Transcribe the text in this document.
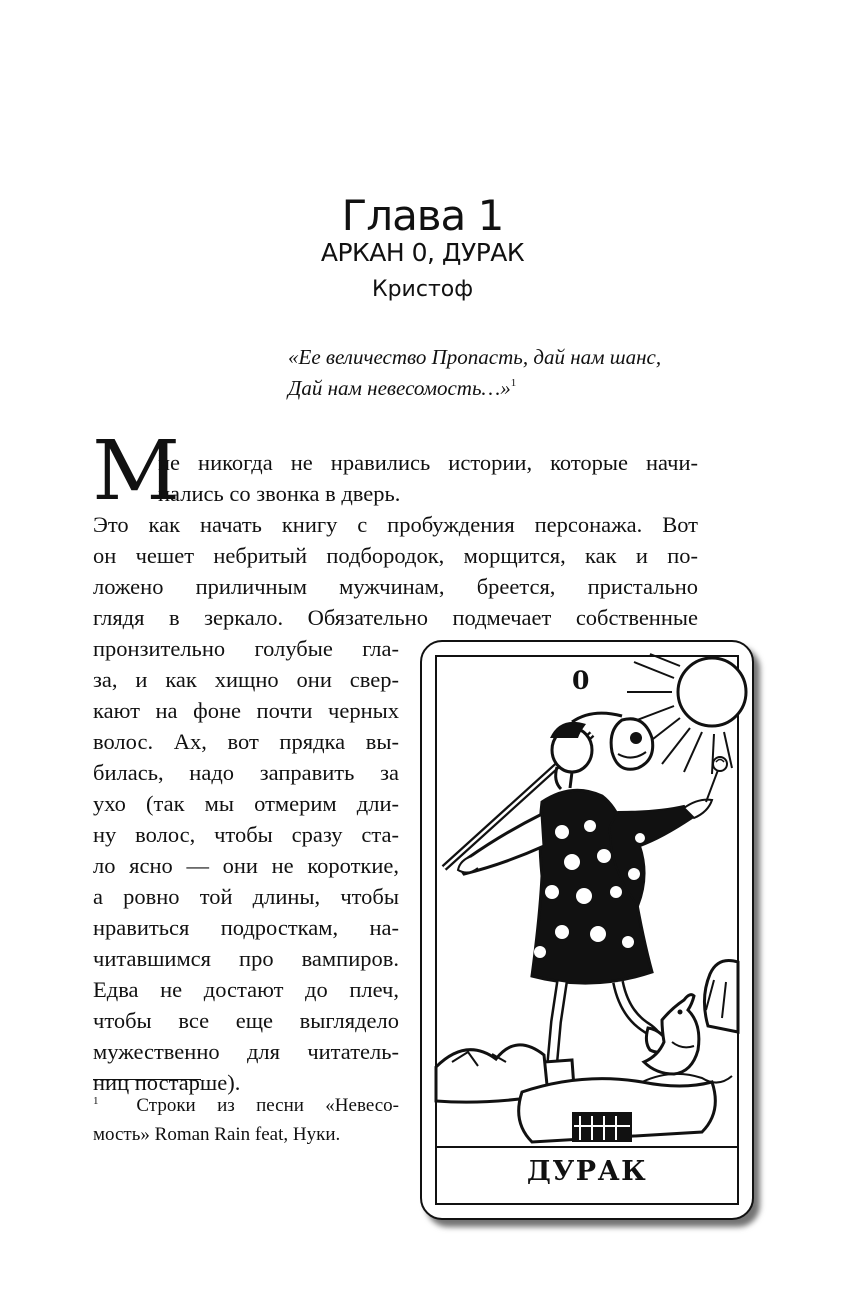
Глава 1
АРКАН 0, ДУРАК
Кристоф
«Ее величество Пропасть, дай нам шанс,
Дай нам невесомость…»$^1$
М
не никогда не нравились истории, которые начи-
нались со звонка в дверь.
Это как начать книгу с пробуждения персонажа. Вот
он чешет небритый подбородок, морщится, как и по-
ложено приличным мужчинам, бреется, пристально
глядя в зеркало. Обязательно подмечает собственные
пронзительно голубые гла-
за, и как хищно они свер-
кают на фоне почти черных
волос. Ах, вот прядка вы-
билась, надо заправить за
ухо (так мы отмерим дли-
ну волос, чтобы сразу ста-
ло ясно — они не короткие,
а ровно той длины, чтобы
нравиться подросткам, на-
читавшимся про вампиров.
Едва не достают до плеч,
чтобы все еще выглядело
мужественно для читатель-
ниц постарше).
$^1$ Строки из песни «Невесо-
мость» Roman Rain feat, Нуки.
0
ДУРАК
